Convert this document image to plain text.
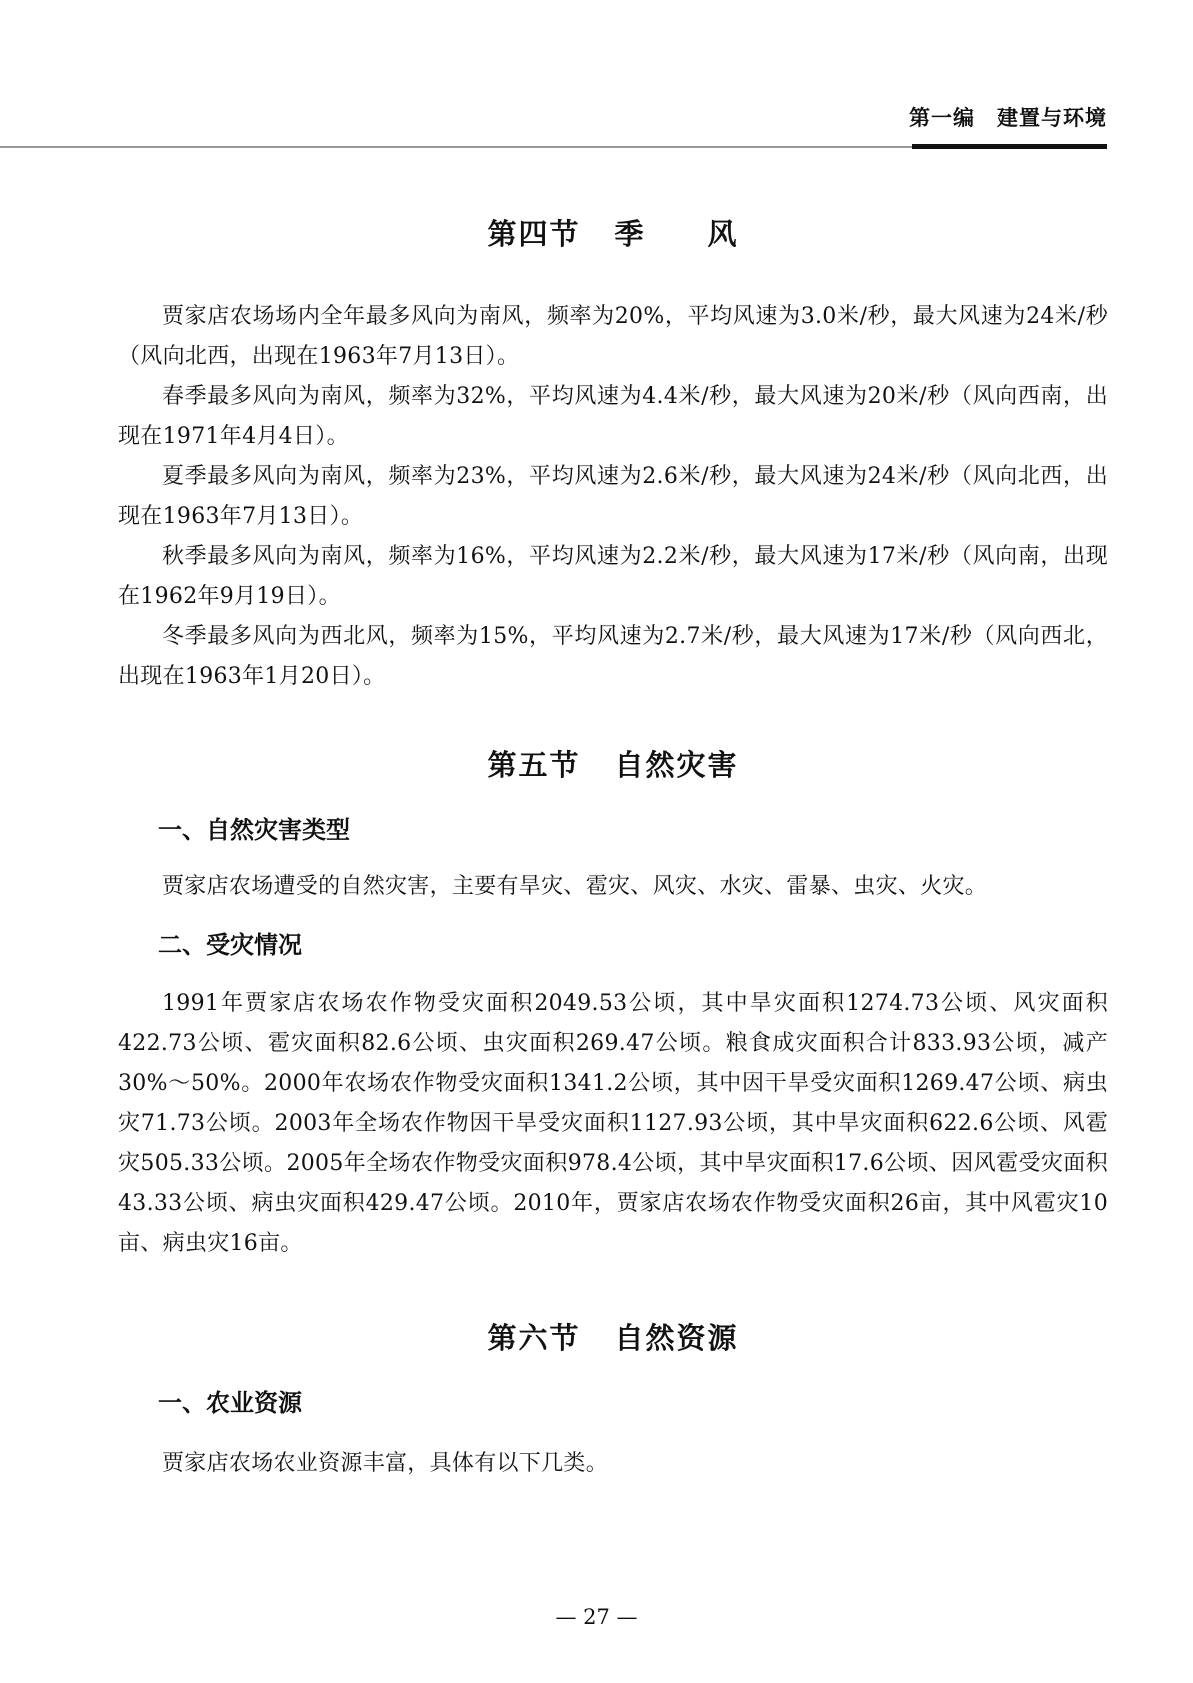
第一编　建置与环境
第四节 季　　风

贾家店农场场内全年最多风向为南风，频率为20%，平均风速为3.0米/秒，最大风速为24米/秒（风向北西，出现在1963年7月13日）。

春季最多风向为南风，频率为32%，平均风速为4.4米/秒，最大风速为20米/秒（风向西南，出现在1971年4月4日）。

夏季最多风向为南风，频率为23%，平均风速为2.6米/秒，最大风速为24米/秒（风向北西，出现在1963年7月13日）。

秋季最多风向为南风，频率为16%，平均风速为2.2米/秒，最大风速为17米/秒（风向南，出现在1962年9月19日）。

冬季最多风向为西北风，频率为15%，平均风速为2.7米/秒，最大风速为17米/秒（风向西北，出现在1963年1月20日）。

第五节 自然灾害
一、自然灾害类型

贾家店农场遭受的自然灾害，主要有旱灾、雹灾、风灾、水灾、雷暴、虫灾、火灾。

二、受灾情况

1991年贾家店农场农作物受灾面积2049.53公顷，其中旱灾面积1274.73公顷、风灾面积422.73公顷、雹灾面积82.6公顷、虫灾面积269.47公顷。粮食成灾面积合计833.93公顷，减产30%～50%。2000年农场农作物受灾面积1341.2公顷，其中因干旱受灾面积1269.47公顷、病虫灾71.73公顷。2003年全场农作物因干旱受灾面积1127.93公顷，其中旱灾面积622.6公顷、风雹灾505.33公顷。2005年全场农作物受灾面积978.4公顷，其中旱灾面积17.6公顷、因风雹受灾面积43.33公顷、病虫灾面积429.47公顷。2010年，贾家店农场农作物受灾面积26亩，其中风雹灾10亩、病虫灾16亩。

第六节 自然资源
一、农业资源

贾家店农场农业资源丰富，具体有以下几类。

— 27 —
